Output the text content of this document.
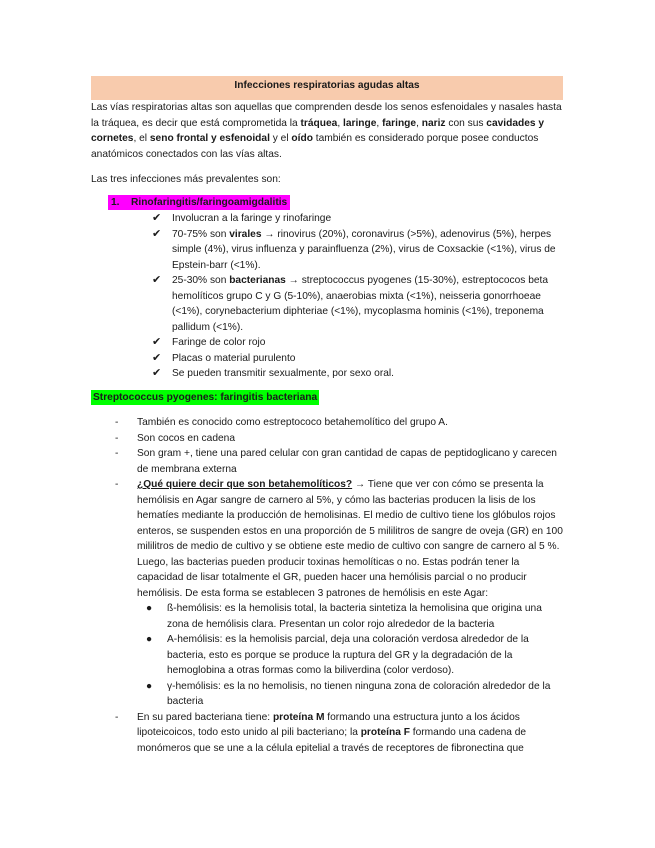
Infecciones respiratorias agudas altas

Las vías respiratorias altas son aquellas que comprenden desde los senos esfenoidales y nasales hasta la tráquea, es decir que está comprometida la tráquea, laringe, faringe, nariz con sus cavidades y cornetes, el seno frontal y esfenoidal y el oído también es considerado porque posee conductos anatómicos conectados con las vías altas.

Las tres infecciones más prevalentes son:

1. Rinofaringitis/faringoamigdalitis
✔ Involucran a la faringe y rinofaringe
✔ 70-75% son virales → rinovirus (20%), coronavirus (>5%), adenovirus (5%), herpes simple (4%), virus influenza y parainfluenza (2%), virus de Coxsackie (<1%), virus de Epstein-barr (<1%).
✔ 25-30% son bacterianas → streptococcus pyogenes (15-30%), estreptococos beta hemolíticos grupo C y G (5-10%), anaerobias mixta (<1%), neisseria gonorrhoeae (<1%), corynebacterium diphteriae (<1%), mycoplasma hominis (<1%), treponema pallidum (<1%).
✔ Faringe de color rojo
✔ Placas o material purulento
✔ Se pueden transmitir sexualmente, por sexo oral.
Streptococcus pyogenes: faringitis bacteriana
- También es conocido como estreptococo betahemolítico del grupo A.
- Son cocos en cadena
- Son gram +, tiene una pared celular con gran cantidad de capas de peptidoglicano y carecen de membrana externa
- ¿Qué quiere decir que son betahemolíticos? → Tiene que ver con cómo se presenta la hemólisis en Agar sangre de carnero al 5%, y cómo las bacterias producen la lisis de los hematíes mediante la producción de hemolisinas. El medio de cultivo tiene los glóbulos rojos enteros, se suspenden estos en una proporción de 5 mililitros de sangre de oveja (GR) en 100 mililitros de medio de cultivo y se obtiene este medio de cultivo con sangre de carnero al 5 %. Luego, las bacterias pueden producir toxinas hemolíticas o no. Estas podrán tener la capacidad de lisar totalmente el GR, pueden hacer una hemólisis parcial o no producir hemólisis. De esta forma se establecen 3 patrones de hemólisis en este Agar:
● ß-hemólisis: es la hemolisis total, la bacteria sintetiza la hemolisina que origina una zona de hemólisis clara. Presentan un color rojo alrededor de la bacteria
● A-hemólisis: es la hemolisis parcial, deja una coloración verdosa alrededor de la bacteria, esto es porque se produce la ruptura del GR y la degradación de la hemoglobina a otras formas como la biliverdina (color verdoso).
● γ-hemólisis: es la no hemolisis, no tienen ninguna zona de coloración alrededor de la bacteria
- En su pared bacteriana tiene: proteína M formando una estructura junto a los ácidos lipoteicoicos, todo esto unido al pili bacteriano; la proteína F formando una cadena de monómeros que se une a la célula epitelial a través de receptores de fibronectina que
